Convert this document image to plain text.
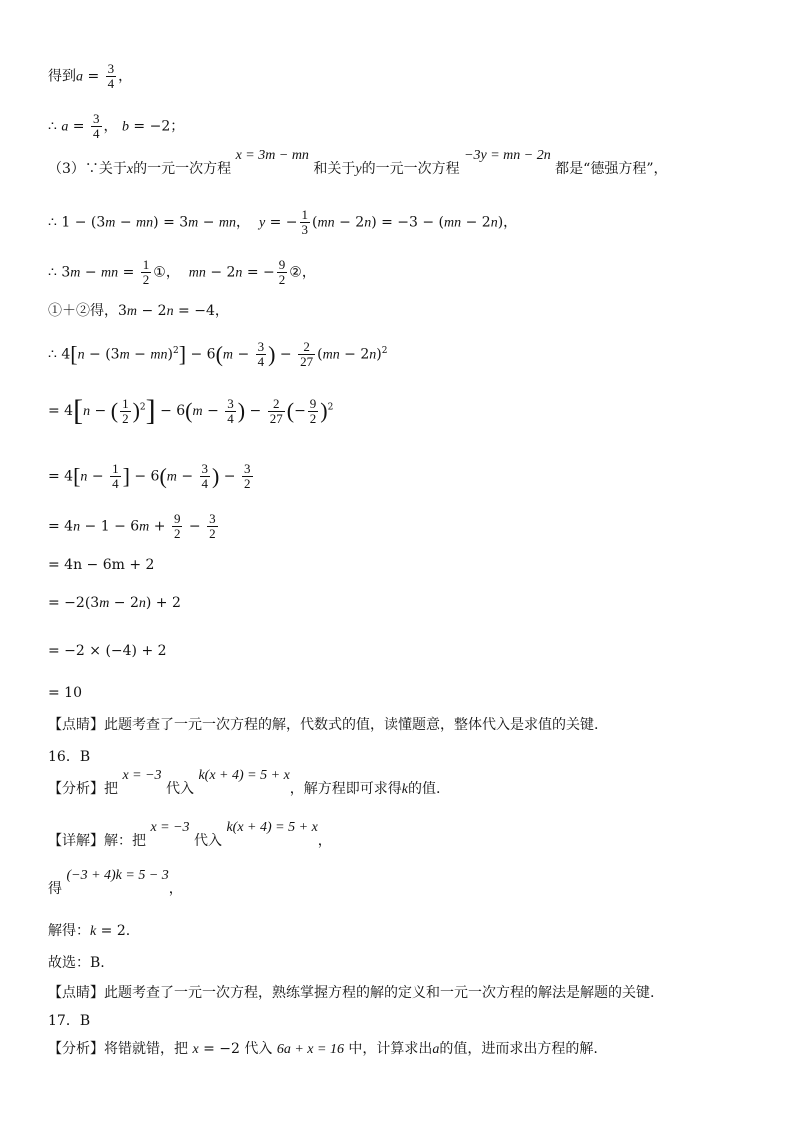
得到$a = \frac{3}{4}$ ，
∴ $a = \frac{3}{4}$ ， b = −2；
（3）∵关于x的一元一次方程 x = 3m − mn 和关于y的一元一次方程 −3y = mn − 2n 都是“德强方程”，
∴ 1 − (3m − mn) = 3m − mn，  y = − $\frac{1}{3} (mn - 2n) = -3 - (mn - 2n)$，
∴ 3m − mn = $\frac{1}{2}$ ①，  mn − 2n = − $\frac{9}{2}$ ②，
①＋②得，3m − 2n = −4，
∴ $4[n - (3m - mn)^2] - 6(m - \frac{3}{4}$ ) − $\frac{2}{27} (mn - 2n)^2$
= 4[n − ( $\frac{1}{2} )^2] - 6(m - \frac{3}{4}$ ) − $\frac{2}{27}$ (− $\frac{9}{2} )^2$
= $4[n - \frac{1}{4}$ ] − $6(m - \frac{3}{4}$ ) − $\frac{3}{2}$
= $4n - 1 - 6m + \frac{9}{2} - \frac{3}{2}$
= 4n − 6m + 2
= −2(3m − 2n) + 2
= −2 × (−4) + 2
= 10
【点睛】此题考查了一元一次方程的解，代数式的值，读懂题意，整体代入是求值的关键.
16．B
【分析】把 x = −3 代入 k(x + 4) = 5 + x，解方程即可求得k的值.
【详解】解：把 x = −3 代入 k(x + 4) = 5 + x，
得 (−3 + 4)k = 5 − 3，
解得：k = 2.
故选：B.
【点睛】此题考查了一元一次方程，熟练掌握方程的解的定义和一元一次方程的解法是解题的关键.
17．B
【分析】将错就错，把 x = −2 代入 6a + x = 16 中，计算求出a的值，进而求出方程的解.
